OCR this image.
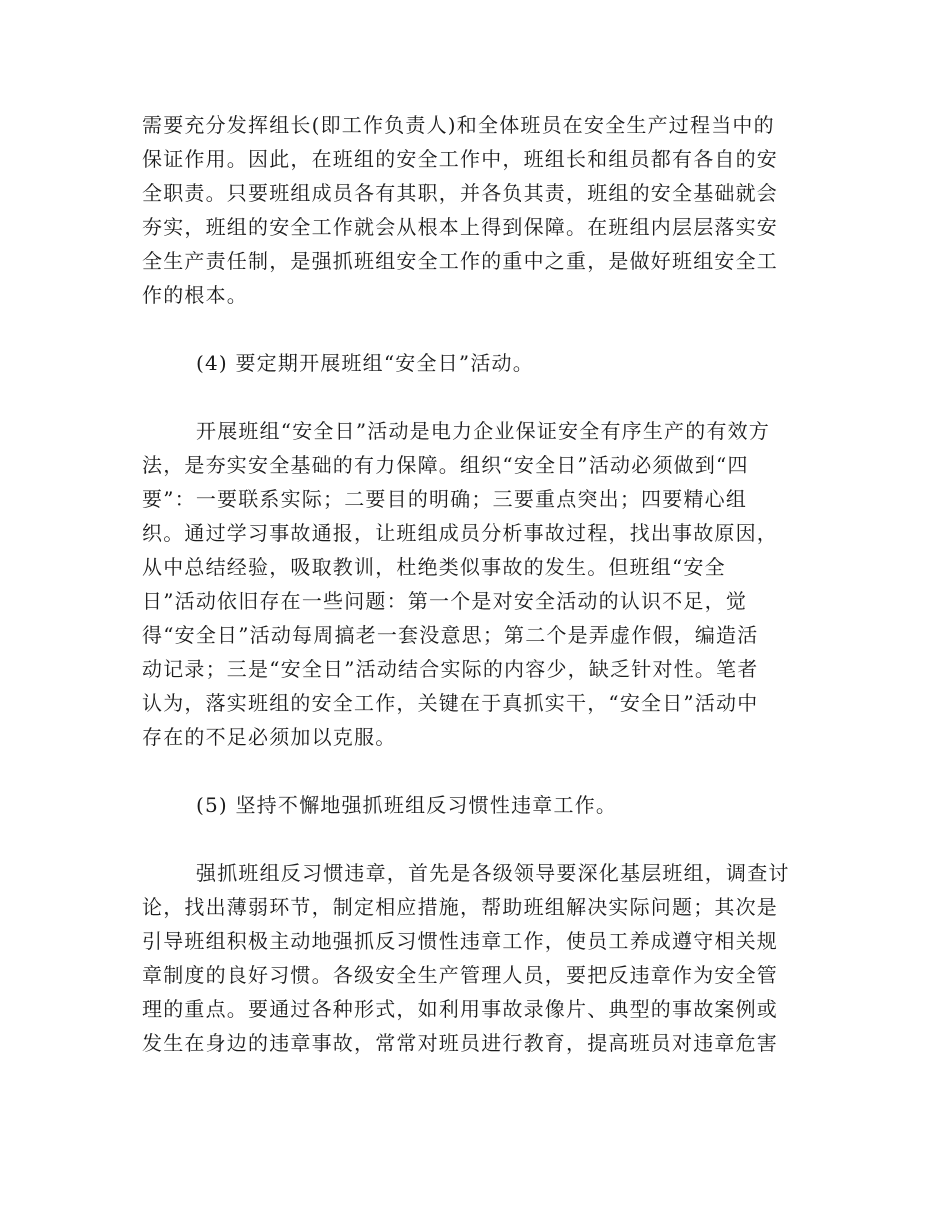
需要充分发挥组长(即工作负责人)和全体班员在安全生产过程当中的
保证作用。因此，在班组的安全工作中，班组长和组员都有各自的安
全职责。只要班组成员各有其职，并各负其责，班组的安全基础就会
夯实，班组的安全工作就会从根本上得到保障。在班组内层层落实安
全生产责任制，是强抓班组安全工作的重中之重，是做好班组安全工
作的根本。
(4) 要定期开展班组“安全日”活动。
开展班组“安全日”活动是电力企业保证安全有序生产的有效方
法，是夯实安全基础的有力保障。组织“安全日”活动必须做到“四
要”：一要联系实际；二要目的明确；三要重点突出；四要精心组
织。通过学习事故通报，让班组成员分析事故过程，找出事故原因，
从中总结经验，吸取教训，杜绝类似事故的发生。但班组“安全
日”活动依旧存在一些问题：第一个是对安全活动的认识不足，觉
得“安全日”活动每周搞老一套没意思；第二个是弄虚作假，编造活
动记录；三是“安全日”活动结合实际的内容少，缺乏针对性。笔者
认为，落实班组的安全工作，关键在于真抓实干，“安全日”活动中
存在的不足必须加以克服。
(5) 坚持不懈地强抓班组反习惯性违章工作。
强抓班组反习惯违章，首先是各级领导要深化基层班组，调查讨
论，找出薄弱环节，制定相应措施，帮助班组解决实际问题；其次是
引导班组积极主动地强抓反习惯性违章工作，使员工养成遵守相关规
章制度的良好习惯。各级安全生产管理人员，要把反违章作为安全管
理的重点。要通过各种形式，如利用事故录像片、典型的事故案例或
发生在身边的违章事故，常常对班员进行教育，提高班员对违章危害
